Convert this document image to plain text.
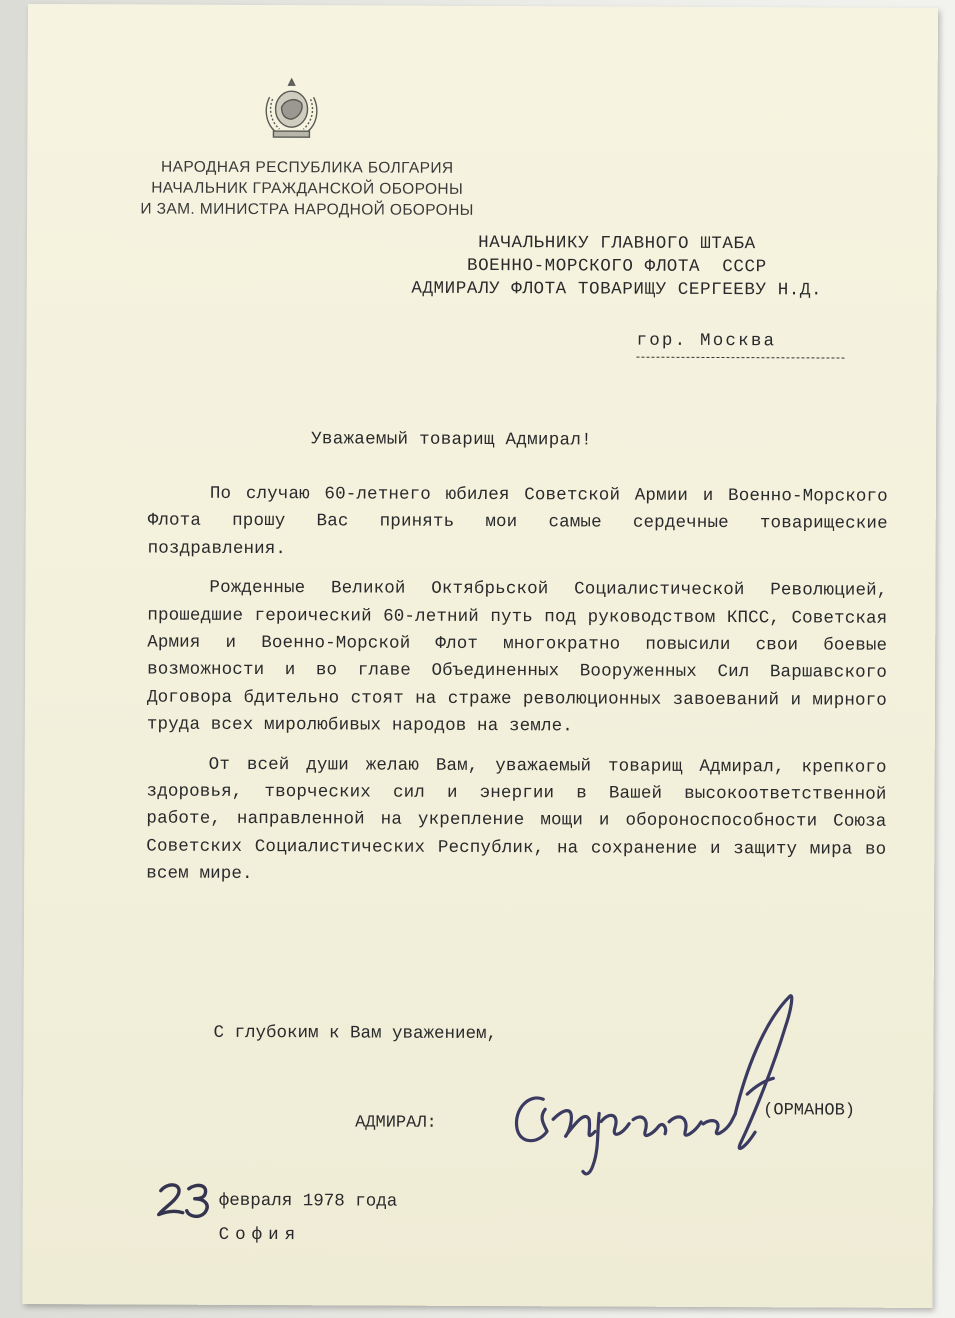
НАРОДНАЯ РЕСПУБЛИКА БОЛГАРИЯ
НАЧАЛЬНИК ГРАЖДАНСКОЙ ОБОРОНЫ
И ЗАМ. МИНИСТРА НАРОДНОЙ ОБОРОНЫ
НАЧАЛЬНИКУ ГЛАВНОГО ШТАБА
ВОЕННО-МОРСКОГО ФЛОТА  СССР
АДМИРАЛУ ФЛОТА ТОВАРИЩУ СЕРГЕЕВУ Н.Д.
гор. Москва
Уважаемый товарищ Адмирал!

По случаю 60-летнего юбилея Советской Армии и Военно-Морского Флота прошу Вас принять мои самые сердечные товарищеские поздравления.

Рожденные Великой Октябрьской Социалистической Революцией, прошедшие героический 60-летний путь под руководством КПСС, Советская Армия и Военно-Морской Флот многократно повысили свои боевые возможности и во главе Объединенных Вооруженных Сил Варшавского Договора бдительно стоят на страже революционных завоеваний и мирного труда всех миролюбивых народов на земле.

От всей души желаю Вам, уважаемый товарищ Адмирал, крепкого здоровья, творческих сил и энергии в Вашей высокоответственной работе, направленной на укрепление мощи и обороноспособности Союза Советских Социалистических Республик, на сохранение и защиту мира во всем мире.

С глубоким к Вам уважением,
АДМИРАЛ:
(ОРМАНОВ)
февраля 1978 года
София
